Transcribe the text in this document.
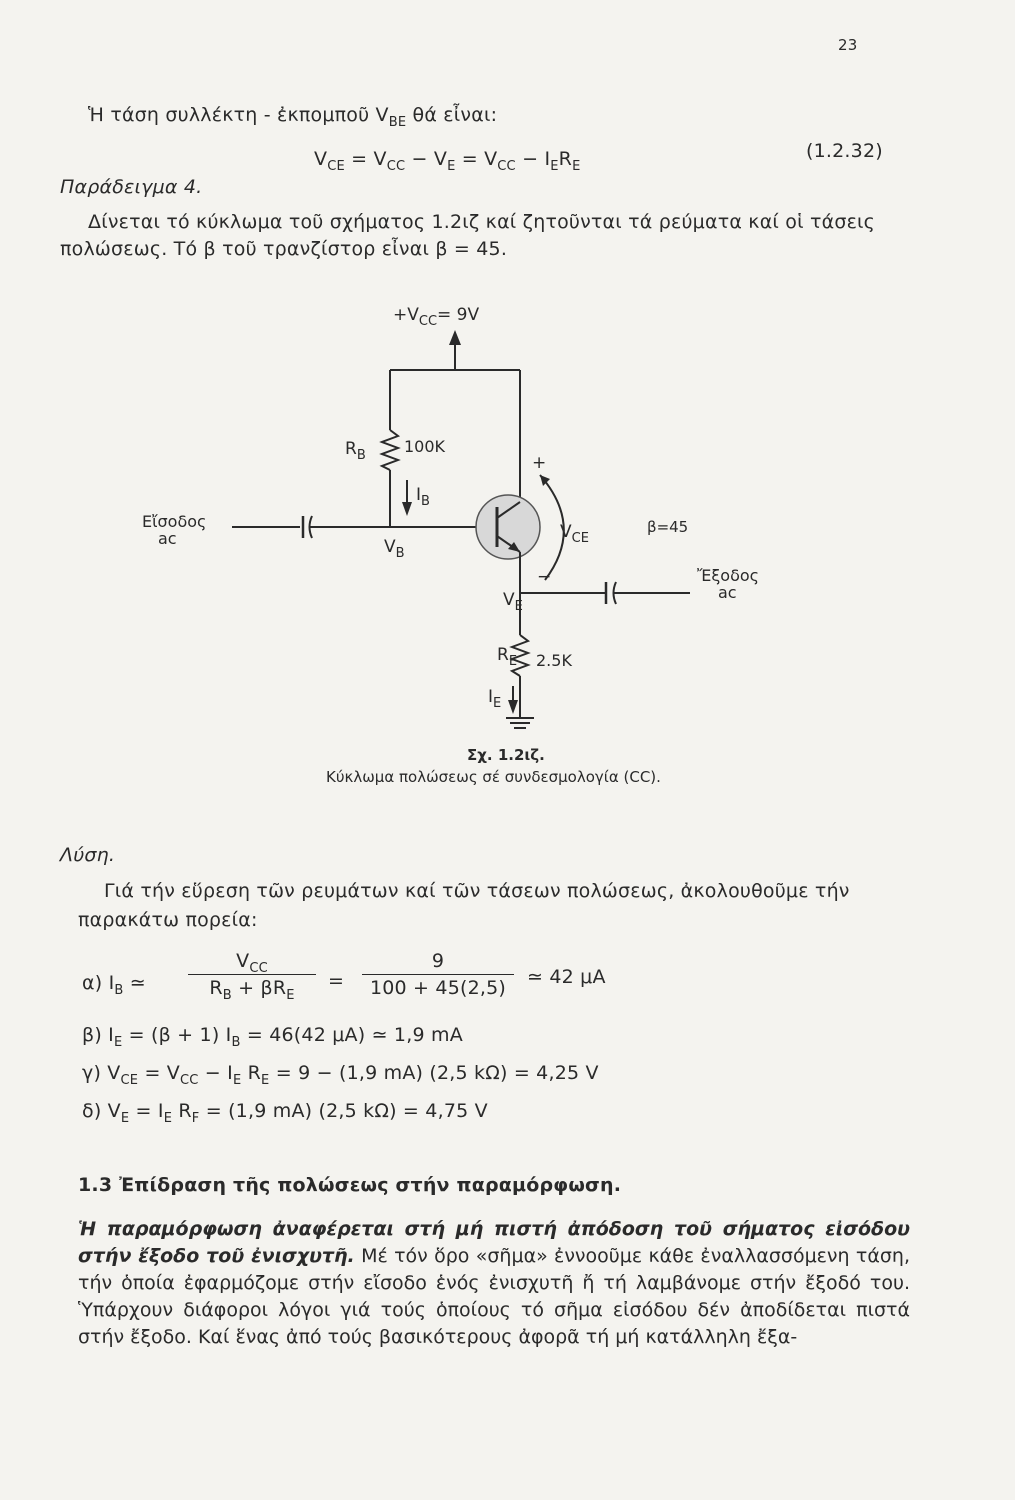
23
Ἡ τάση συλλέκτη - ἐκπομποῦ $V_{BE}$ θά εἶναι:
$V_{CE} = V_{CC} - V_E = V_{CC} - I_ER_E$
(1.2.32)
Παράδειγμα 4.
Δίνεται τό κύκλωμα τοῦ σχήματος 1.2ιζ καί ζητοῦνται τά ρεύματα καί οἱ τάσεις
πολώσεως. Τό β τοῦ τρανζίστορ εἶναι β = 45.
$+V_{CC}= 9V$
$R_B$ 100K
$I_B$
Εἴσοδος
ac	$V_B$
+
$V_{CE}$
β=45
−
$V_E$
Ἔξοδος
ac
$R_E$ 2.5K
$I_E$
Σχ. 1.2ιζ.
Κύκλωμα πολώσεως σέ συνδεσμολογία (CC).
Λύση.
Γιά τήν εὕρεση τῶν ρευμάτων καί τῶν τάσεων πολώσεως, ἀκολουθοῦμε τήν
παρακάτω πορεία:
α) $I_B$ ≃
$V_{CC}$
$R_B + \beta R_E$
= $\frac{9}{100 + 45(2,5)}$ ≃ 42 μA
β) $I_E = (\beta + 1) I_B = 46(42$ μA) ≃ 1,9 mA
γ) $V_{CE} = V_{CC} - I_E$ $R_E = 9 - (1,9$ mA) (2,5 kΩ) = 4,25 V
δ) $V_E = I_E$ $R_F = (1,9$ mA) (2,5 kΩ) = 4,75 V
1.3 Ἐπίδραση τῆς πολώσεως στήν παραμόρφωση.
Ἡ παραμόρφωση ἀναφέρεται στή μή πιστή ἀπόδοση τοῦ σήματος εἰσόδου στήν ἔξοδο τοῦ ἐνισχυτῆ. Μέ τόν ὅρο «σῆμα» ἐννοοῦμε κάθε ἐναλλασσόμενη τάση, τήν ὁποία ἐφαρμόζομε στήν εἴσοδο ἑνός ἐνισχυτῆ ἤ τή λαμβάνομε στήν ἔξοδό του. Ὑπάρχουν διάφοροι λόγοι γιά τούς ὁποίους τό σῆμα εἰσόδου δέν ἀποδίδεται πιστά στήν ἔξοδο. Καί ἕνας ἀπό τούς βασικότερους ἀφορᾶ τή μή κατάλληλη ἔξα-
